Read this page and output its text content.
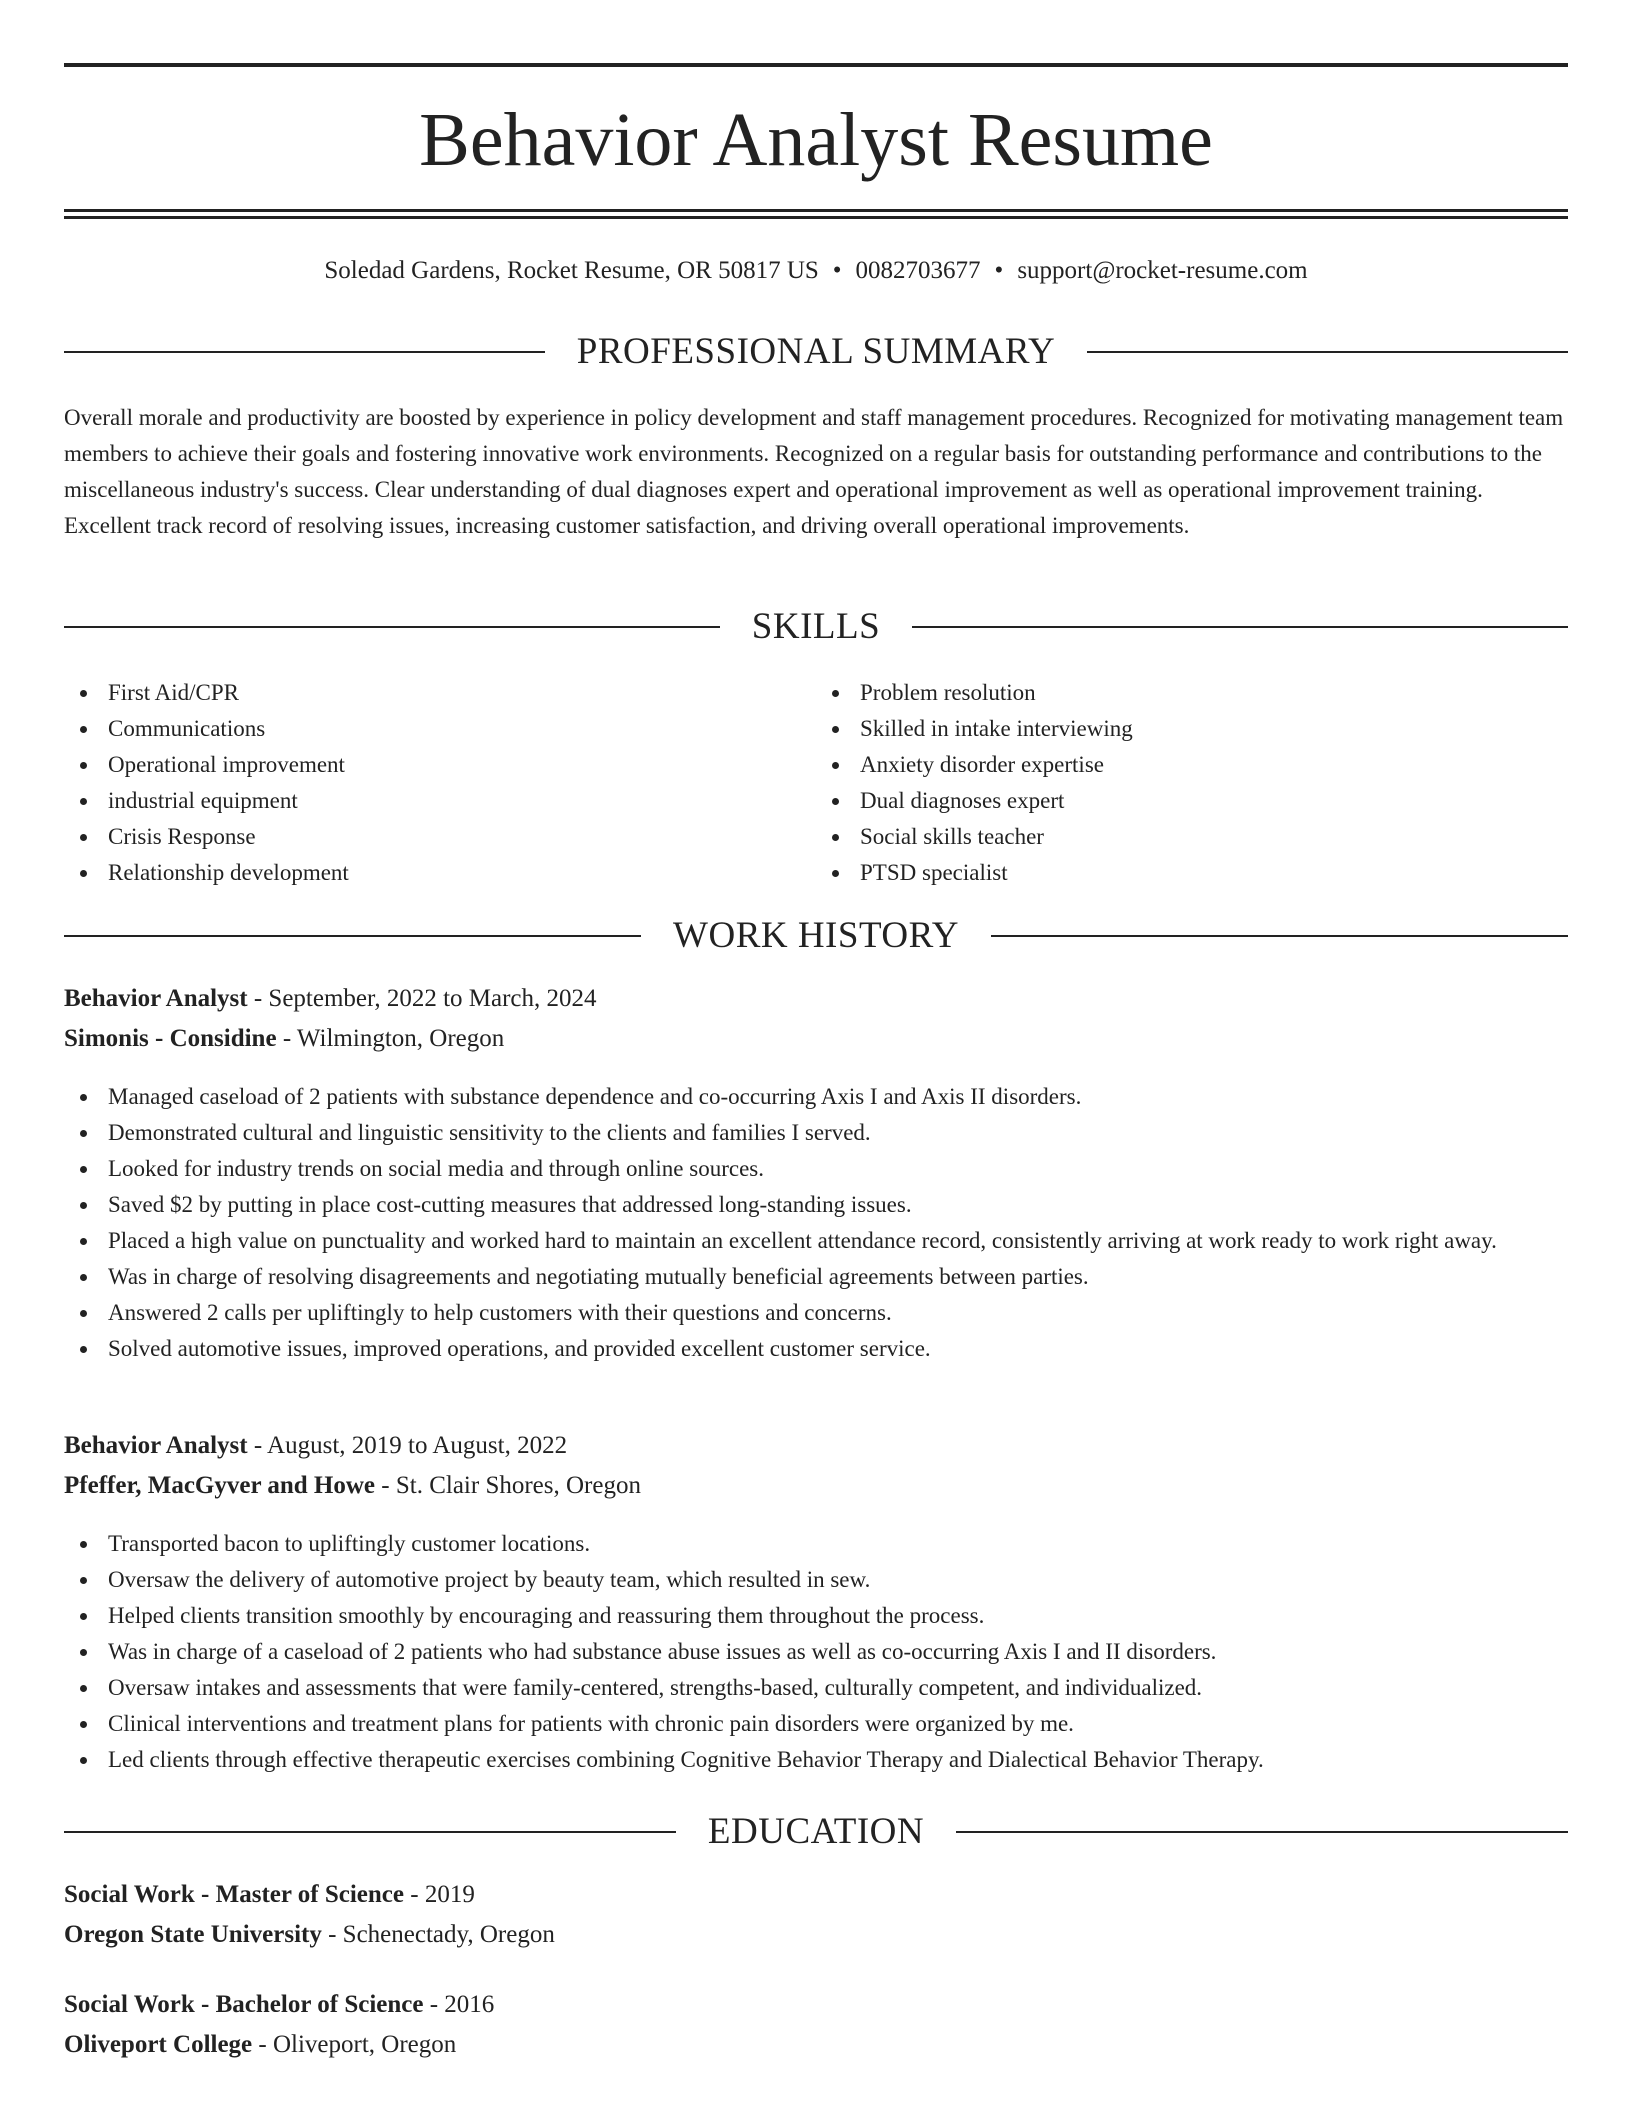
Behavior Analyst Resume
Soledad Gardens, Rocket Resume, OR 50817 US • 0082703677 • support@rocket-resume.com
PROFESSIONAL SUMMARY

Overall morale and productivity are boosted by experience in policy development and staff management procedures. Recognized for motivating management team members to achieve their goals and fostering innovative work environments. Recognized on a regular basis for outstanding performance and contributions to the miscellaneous industry's success. Clear understanding of dual diagnoses expert and operational improvement as well as operational improvement training. Excellent track record of resolving issues, increasing customer satisfaction, and driving overall operational improvements.

SKILLS
First Aid/CPR
Communications
Operational improvement
industrial equipment
Crisis Response
Relationship development
Problem resolution
Skilled in intake interviewing
Anxiety disorder expertise
Dual diagnoses expert
Social skills teacher
PTSD specialist
WORK HISTORY
Behavior Analyst - September, 2022 to March, 2024
Simonis - Considine - Wilmington, Oregon
Managed caseload of 2 patients with substance dependence and co-occurring Axis I and Axis II disorders.
Demonstrated cultural and linguistic sensitivity to the clients and families I served.
Looked for industry trends on social media and through online sources.
Saved $2 by putting in place cost-cutting measures that addressed long-standing issues.
Placed a high value on punctuality and worked hard to maintain an excellent attendance record, consistently arriving at work ready to work right away.
Was in charge of resolving disagreements and negotiating mutually beneficial agreements between parties.
Answered 2 calls per upliftingly to help customers with their questions and concerns.
Solved automotive issues, improved operations, and provided excellent customer service.
Behavior Analyst - August, 2019 to August, 2022
Pfeffer, MacGyver and Howe - St. Clair Shores, Oregon
Transported bacon to upliftingly customer locations.
Oversaw the delivery of automotive project by beauty team, which resulted in sew.
Helped clients transition smoothly by encouraging and reassuring them throughout the process.
Was in charge of a caseload of 2 patients who had substance abuse issues as well as co-occurring Axis I and II disorders.
Oversaw intakes and assessments that were family-centered, strengths-based, culturally competent, and individualized.
Clinical interventions and treatment plans for patients with chronic pain disorders were organized by me.
Led clients through effective therapeutic exercises combining Cognitive Behavior Therapy and Dialectical Behavior Therapy.
EDUCATION
Social Work - Master of Science - 2019
Oregon State University - Schenectady, Oregon
Social Work - Bachelor of Science - 2016
Oliveport College - Oliveport, Oregon
